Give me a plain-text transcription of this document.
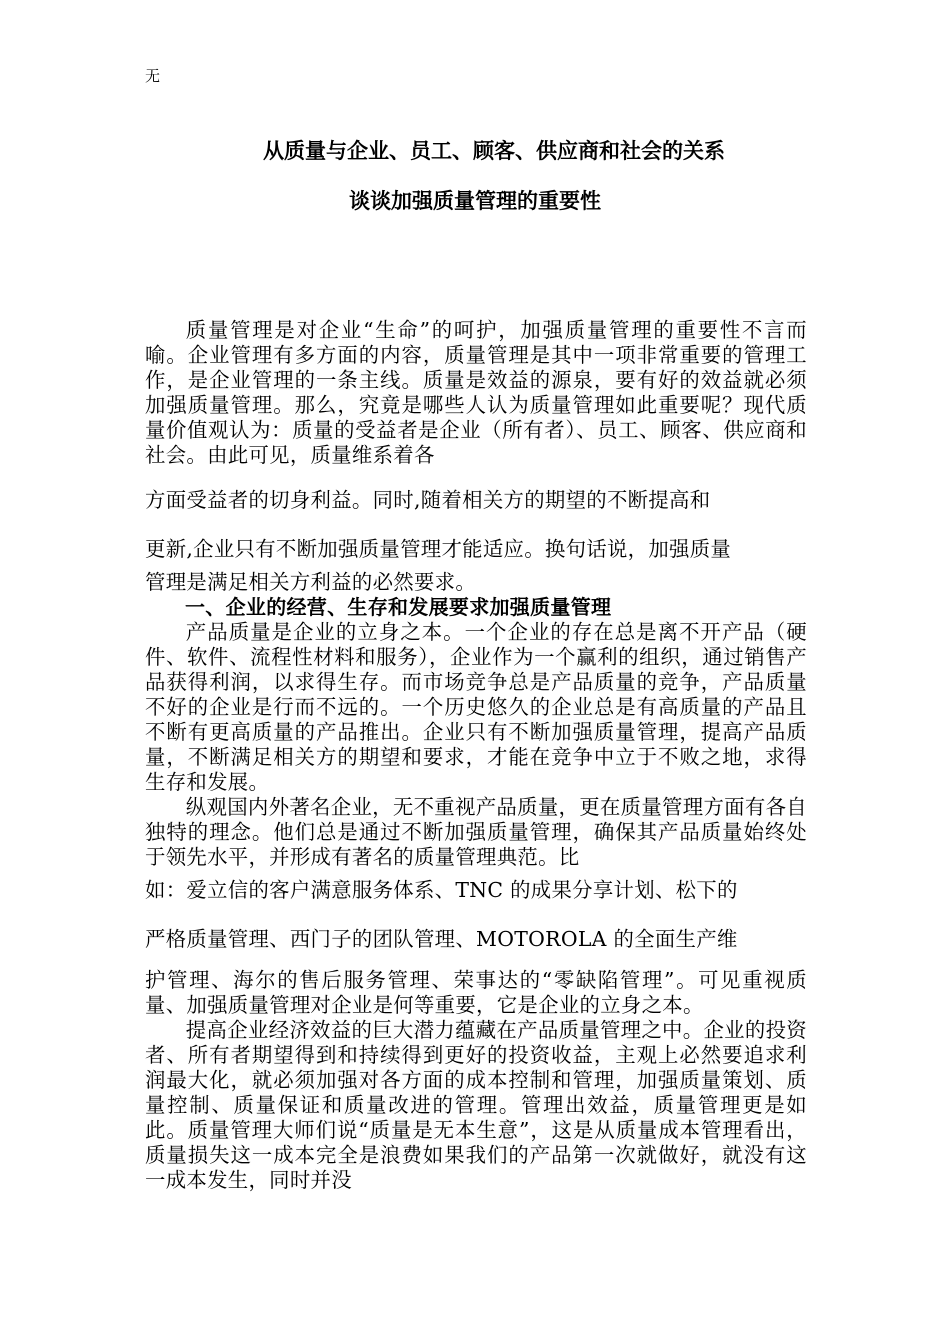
无
从质量与企业、员工、顾客、供应商和社会的关系
谈谈加强质量管理的重要性

质量管理是对企业“生命”的呵护，加强质量管理的重要性不言而喻。企业管理有多方面的内容，质量管理是其中一项非常重要的管理工作，是企业管理的一条主线。质量是效益的源泉，要有好的效益就必须加强质量管理。那么，究竟是哪些人认为质量管理如此重要呢？现代质量价值观认为：质量的受益者是企业（所有者）、员工、顾客、供应商和社会。由此可见，质量维系着各

方面受益者的切身利益。同时,随着相关方的期望的不断提高和

更新,企业只有不断加强质量管理才能适应。换句话说，加强质量

管理是满足相关方利益的必然要求。

一、企业的经营、生存和发展要求加强质量管理

产品质量是企业的立身之本。一个企业的存在总是离不开产品（硬件、软件、流程性材料和服务），企业作为一个赢利的组织，通过销售产品获得利润，以求得生存。而市场竞争总是产品质量的竞争，产品质量不好的企业是行而不远的。一个历史悠久的企业总是有高质量的产品且不断有更高质量的产品推出。企业只有不断加强质量管理，提高产品质量，不断满足相关方的期望和要求，才能在竞争中立于不败之地，求得生存和发展。

纵观国内外著名企业，无不重视产品质量，更在质量管理方面有各自独特的理念。他们总是通过不断加强质量管理，确保其产品质量始终处于领先水平，并形成有著名的质量管理典范。比

如：爱立信的客户满意服务体系、TNC 的成果分享计划、松下的

严格质量管理、西门子的团队管理、MOTOROLA 的全面生产维

护管理、海尔的售后服务管理、荣事达的“零缺陷管理”。可见重视质量、加强质量管理对企业是何等重要，它是企业的立身之本。

提高企业经济效益的巨大潜力蕴藏在产品质量管理之中。企业的投资者、所有者期望得到和持续得到更好的投资收益，主观上必然要追求利润最大化，就必须加强对各方面的成本控制和管理，加强质量策划、质量控制、质量保证和质量改进的管理。管理出效益，质量管理更是如此。质量管理大师们说“质量是无本生意”，这是从质量成本管理看出，质量损失这一成本完全是浪费如果我们的产品第一次就做好，就没有这一成本发生，同时并没
